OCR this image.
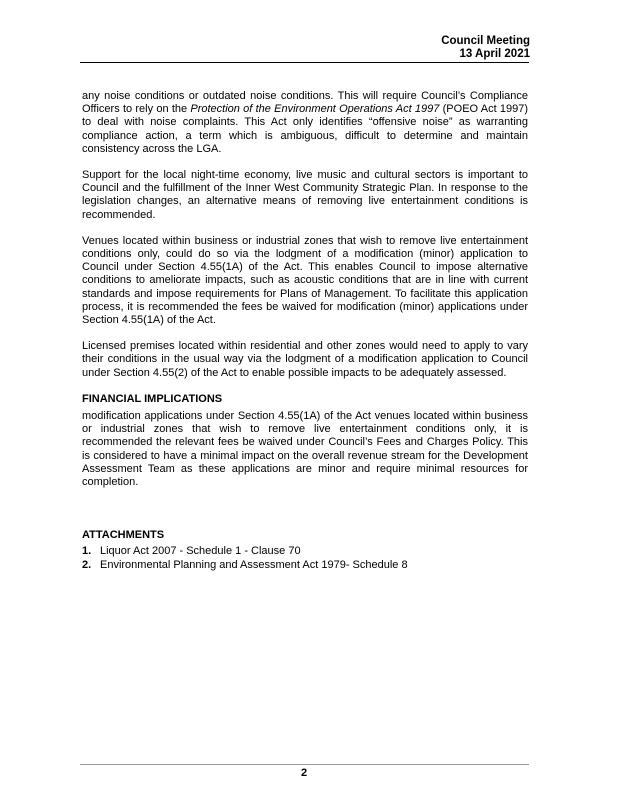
Council Meeting
13 April 2021

any noise conditions or outdated noise conditions. This will require Council’s Compliance Officers to rely on the Protection of the Environment Operations Act 1997 (POEO Act 1997) to deal with noise complaints. This Act only identifies “offensive noise” as warranting compliance action, a term which is ambiguous, difficult to determine and maintain consistency across the LGA.

Support for the local night-time economy, live music and cultural sectors is important to Council and the fulfillment of the Inner West Community Strategic Plan. In response to the legislation changes, an alternative means of removing live entertainment conditions is recommended.

Venues located within business or industrial zones that wish to remove live entertainment conditions only, could do so via the lodgment of a modification (minor) application to Council under Section 4.55(1A) of the Act. This enables Council to impose alternative conditions to ameliorate impacts, such as acoustic conditions that are in line with current standards and impose requirements for Plans of Management. To facilitate this application process, it is recommended the fees be waived for modification (minor) applications under Section 4.55(1A) of the Act.

Licensed premises located within residential and other zones would need to apply to vary their conditions in the usual way via the lodgment of a modification application to Council under Section 4.55(2) of the Act to enable possible impacts to be adequately assessed.

FINANCIAL IMPLICATIONS

modification applications under Section 4.55(1A) of the Act venues located within business or industrial zones that wish to remove live entertainment conditions only, it is recommended the relevant fees be waived under Council’s Fees and Charges Policy. This is considered to have a minimal impact on the overall revenue stream for the Development Assessment Team as these applications are minor and require minimal resources for completion.

ATTACHMENTS
1. Liquor Act 2007 - Schedule 1 - Clause 70
2. Environmental Planning and Assessment Act 1979- Schedule 8
2
